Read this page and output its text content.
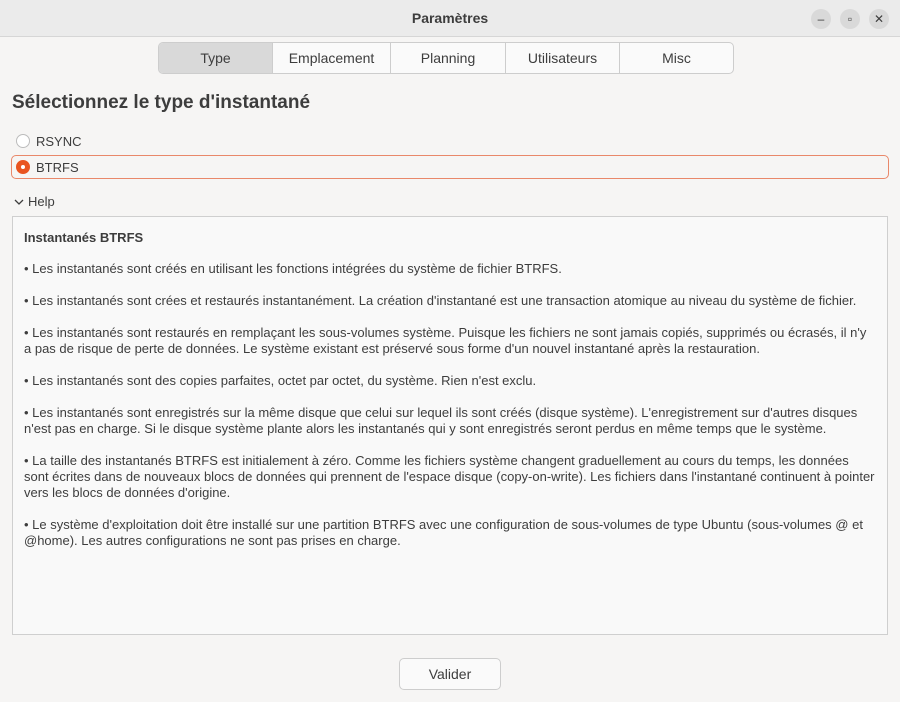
Paramètres	– ▫ ✕
Type	Emplacement	Planning	Utilisateurs	Misc
Sélectionnez le type d'instantané
RSYNC
BTRFS
Help
Instantanés BTRFS
• Les instantanés sont créés en utilisant les fonctions intégrées du système de fichier BTRFS.
• Les instantanés sont crées et restaurés instantanément. La création d'instantané est une transaction atomique au niveau du système de fichier.
• Les instantanés sont restaurés en remplaçant les sous-volumes système. Puisque les fichiers ne sont jamais copiés, supprimés ou écrasés, il n'y a pas de risque de perte de données. Le système existant est préservé sous forme d'un nouvel instantané après la restauration.
• Les instantanés sont des copies parfaites, octet par octet, du système. Rien n'est exclu.
• Les instantanés sont enregistrés sur la même disque que celui sur lequel ils sont créés (disque système). L'enregistrement sur d'autres disques n'est pas en charge. Si le disque système plante alors les instantanés qui y sont enregistrés seront perdus en même temps que le système.
• La taille des instantanés BTRFS est initialement à zéro. Comme les fichiers système changent graduellement au cours du temps, les données sont écrites dans de nouveaux blocs de données qui prennent de l'espace disque (copy-on-write). Les fichiers dans l'instantané continuent à pointer vers les blocs de données d'origine.
• Le système d'exploitation doit être installé sur une partition BTRFS avec une configuration de sous-volumes de type Ubuntu (sous-volumes @ et @home). Les autres configurations ne sont pas prises en charge.
Valider
